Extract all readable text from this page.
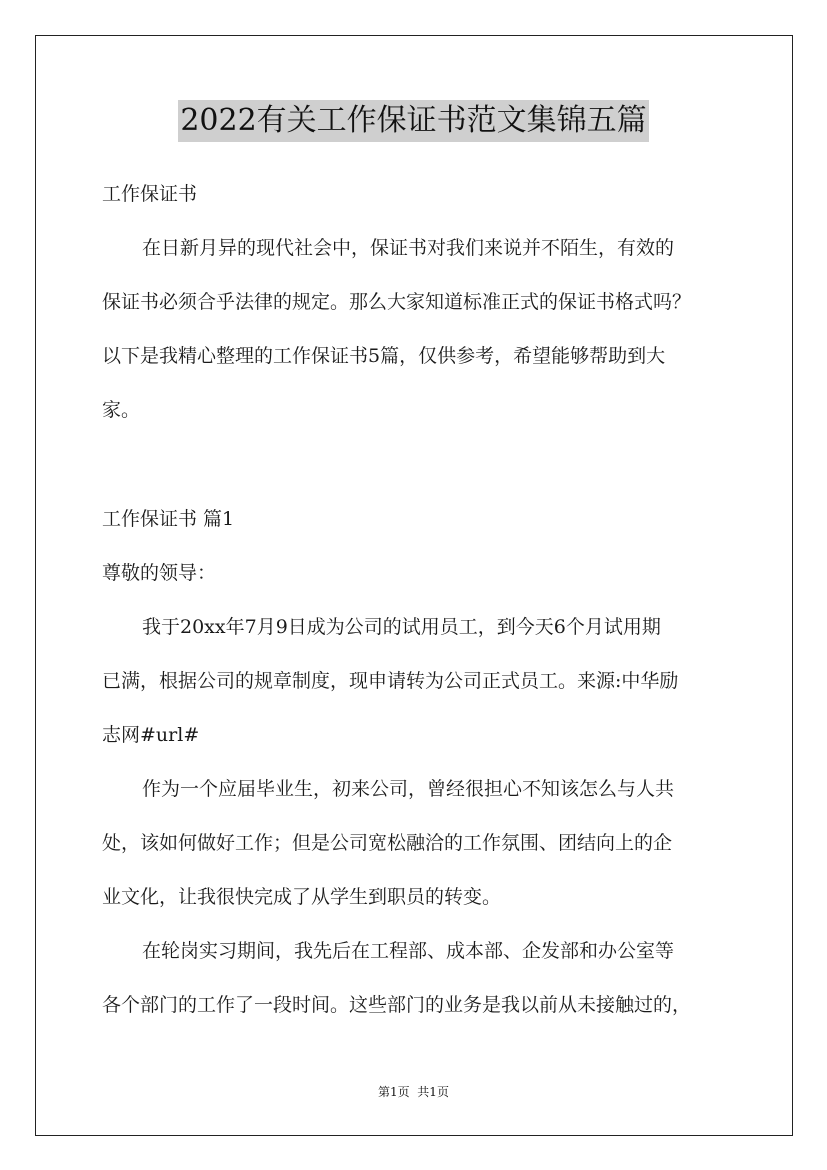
2022有关工作保证书范文集锦五篇
工作保证书
在日新月异的现代社会中，保证书对我们来说并不陌生，有效的
保证书必须合乎法律的规定。那么大家知道标准正式的保证书格式吗？
以下是我精心整理的工作保证书5篇，仅供参考，希望能够帮助到大
家。
工作保证书 篇1
尊敬的领导：
我于20xx年7月9日成为公司的试用员工，到今天6个月试用期
已满，根据公司的规章制度，现申请转为公司正式员工。来源:中华励
志网#url#
作为一个应届毕业生，初来公司，曾经很担心不知该怎么与人共
处，该如何做好工作；但是公司宽松融洽的工作氛围、团结向上的企
业文化，让我很快完成了从学生到职员的转变。
在轮岗实习期间，我先后在工程部、成本部、企发部和办公室等
各个部门的工作了一段时间。这些部门的业务是我以前从未接触过的，
第1页  共1页
